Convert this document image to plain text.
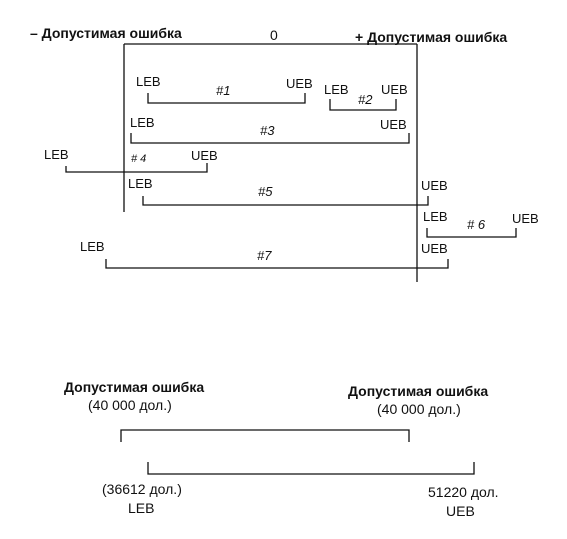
– Допустимая ошибка	0	+ Допустимая ошибка
LEB
#1	UEB LEB
#2
UEB
LEB
#3	UEB
LEB	# 4	UEB
LEB
#5	UEB
LEB
# 6 UEB
LEB
#7	UEB
Допустимая ошибка
(40 000 дол.)
Допустимая ошибка
(40 000 дол.)
(36612 дол.)
LEB
51220 дол.
UEB
